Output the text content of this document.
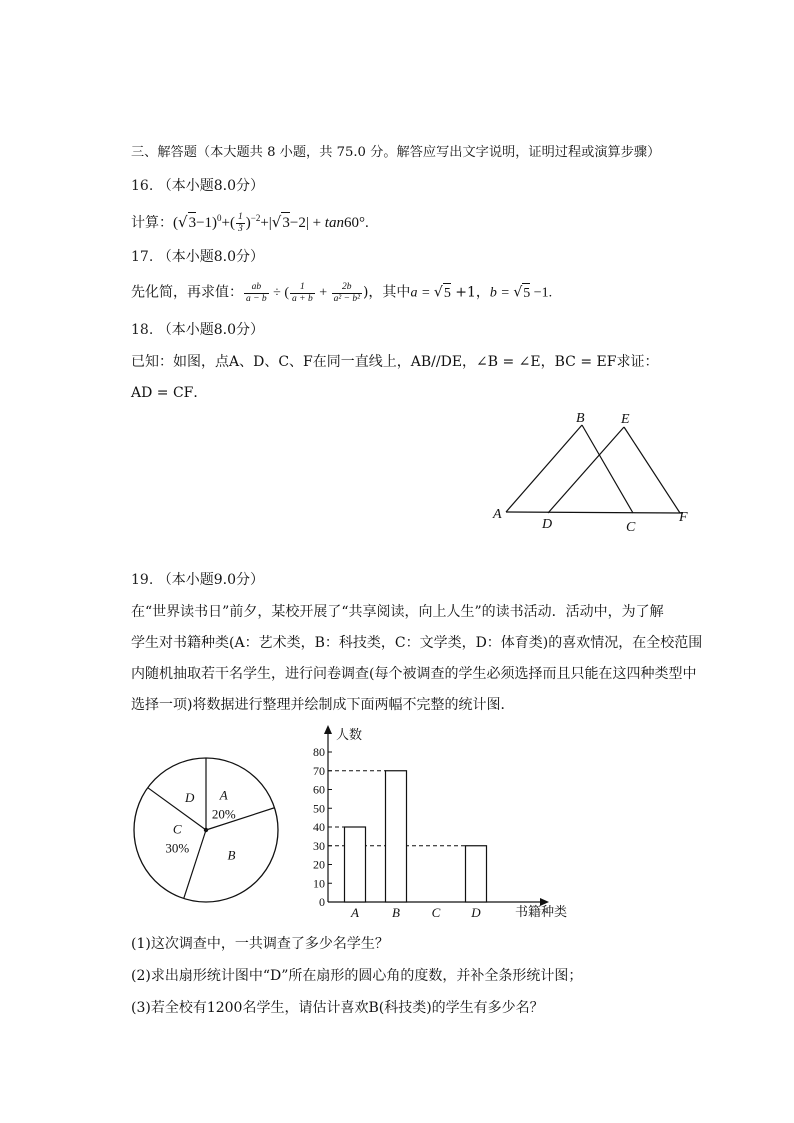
三、解答题（本大题共 8 小题，共 75.0 分。解答应写出文字说明，证明过程或演算步骤）
16. （本小题8.0分）
计算：$(√3-1)^0+( \frac{1}{3} )^{-2}+|√3-2| + \tan 60^\circ$.
17. （本小题8.0分）
先化简，再求值： $\frac{ab}{a - b}$ ÷ ( $\frac{1}{a + b} + \frac{2b}{\text{a² − b²}}$ )，其中a = √5 +1，b = √5 −1.
18. （本小题8.0分）
已知：如图，点A、D、C、F在同一直线上，AB//DE，∠B = ∠E，BC = EF求证：
AD = CF．
A
B
C
D
E
F
19. （本小题9.0分）
在“世界读书日”前夕，某校开展了“共享阅读，向上人生”的读书活动．活动中，为了解
学生对书籍种类(A：艺术类，B：科技类，C：文学类，D：体育类)的喜欢情况，在全校范围
内随机抽取若干名学生，进行问卷调查(每个被调查的学生必须选择而且只能在这四种类型中
选择一项)将数据进行整理并绘制成下面两幅不完整的统计图．
A
20%
B
C
30%
D
0
10
20
30
40
50
60
70
80
A	B C D
人数
书籍种类
(1)这次调查中，一共调查了多少名学生？
(2)求出扇形统计图中“D”所在扇形的圆心角的度数，并补全条形统计图；
(3)若全校有1200名学生，请估计喜欢B(科技类)的学生有多少名？
